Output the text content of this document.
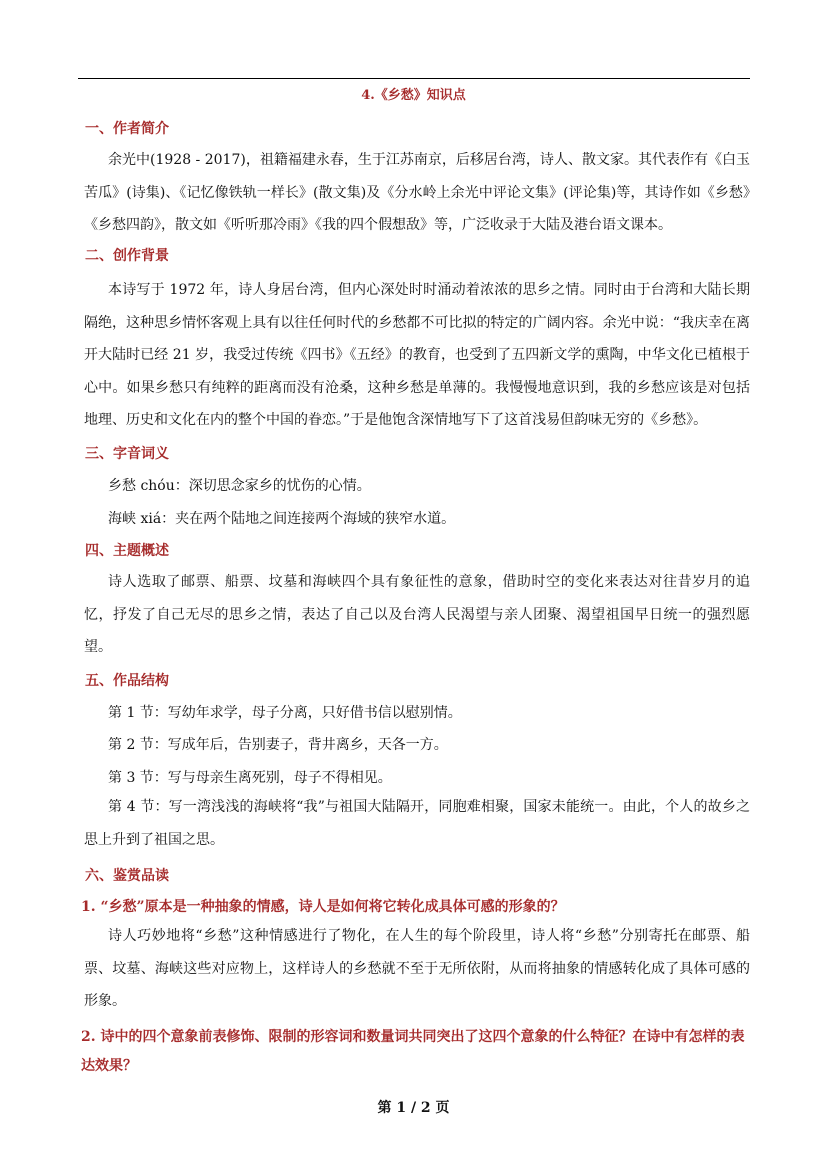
4.《乡愁》知识点
一、作者简介
余光中(1928 - 2017)，祖籍福建永春，生于江苏南京，后移居台湾，诗人、散文家。其代表作有《白玉苦瓜》(诗集)、《记忆像铁轨一样长》(散文集)及《分水岭上余光中评论文集》(评论集)等，其诗作如《乡愁》《乡愁四韵》，散文如《听听那冷雨》《我的四个假想敌》等，广泛收录于大陆及港台语文课本。
二、创作背景
本诗写于 1972 年，诗人身居台湾，但内心深处时时涌动着浓浓的思乡之情。同时由于台湾和大陆长期隔绝，这种思乡情怀客观上具有以往任何时代的乡愁都不可比拟的特定的广阔内容。余光中说：“我庆幸在离开大陆时已经 21 岁，我受过传统《四书》《五经》的教育，也受到了五四新文学的熏陶，中华文化已植根于心中。如果乡愁只有纯粹的距离而没有沧桑，这种乡愁是单薄的。我慢慢地意识到，我的乡愁应该是对包括地理、历史和文化在内的整个中国的眷恋。”于是他饱含深情地写下了这首浅易但韵味无穷的《乡愁》。
三、字音词义
乡愁 chóu：深切思念家乡的忧伤的心情。
海峡 xiá：夹在两个陆地之间连接两个海域的狭窄水道。
四、主题概述
诗人选取了邮票、船票、坟墓和海峡四个具有象征性的意象，借助时空的变化来表达对往昔岁月的追忆，抒发了自己无尽的思乡之情，表达了自己以及台湾人民渴望与亲人团聚、渴望祖国早日统一的强烈愿望。
五、作品结构
第 1 节：写幼年求学，母子分离，只好借书信以慰别情。
第 2 节：写成年后，告别妻子，背井离乡，天各一方。
第 3 节：写与母亲生离死别，母子不得相见。
第 4 节：写一湾浅浅的海峡将“我”与祖国大陆隔开，同胞难相聚，国家未能统一。由此，个人的故乡之思上升到了祖国之思。
六、鉴赏品读
1. “乡愁”原本是一种抽象的情感，诗人是如何将它转化成具体可感的形象的？
诗人巧妙地将“乡愁”这种情感进行了物化，在人生的每个阶段里，诗人将“乡愁”分别寄托在邮票、船票、坟墓、海峡这些对应物上，这样诗人的乡愁就不至于无所依附，从而将抽象的情感转化成了具体可感的形象。
2. 诗中的四个意象前表修饰、限制的形容词和数量词共同突出了这四个意象的什么特征？在诗中有怎样的表达效果？
第 1 / 2 页
